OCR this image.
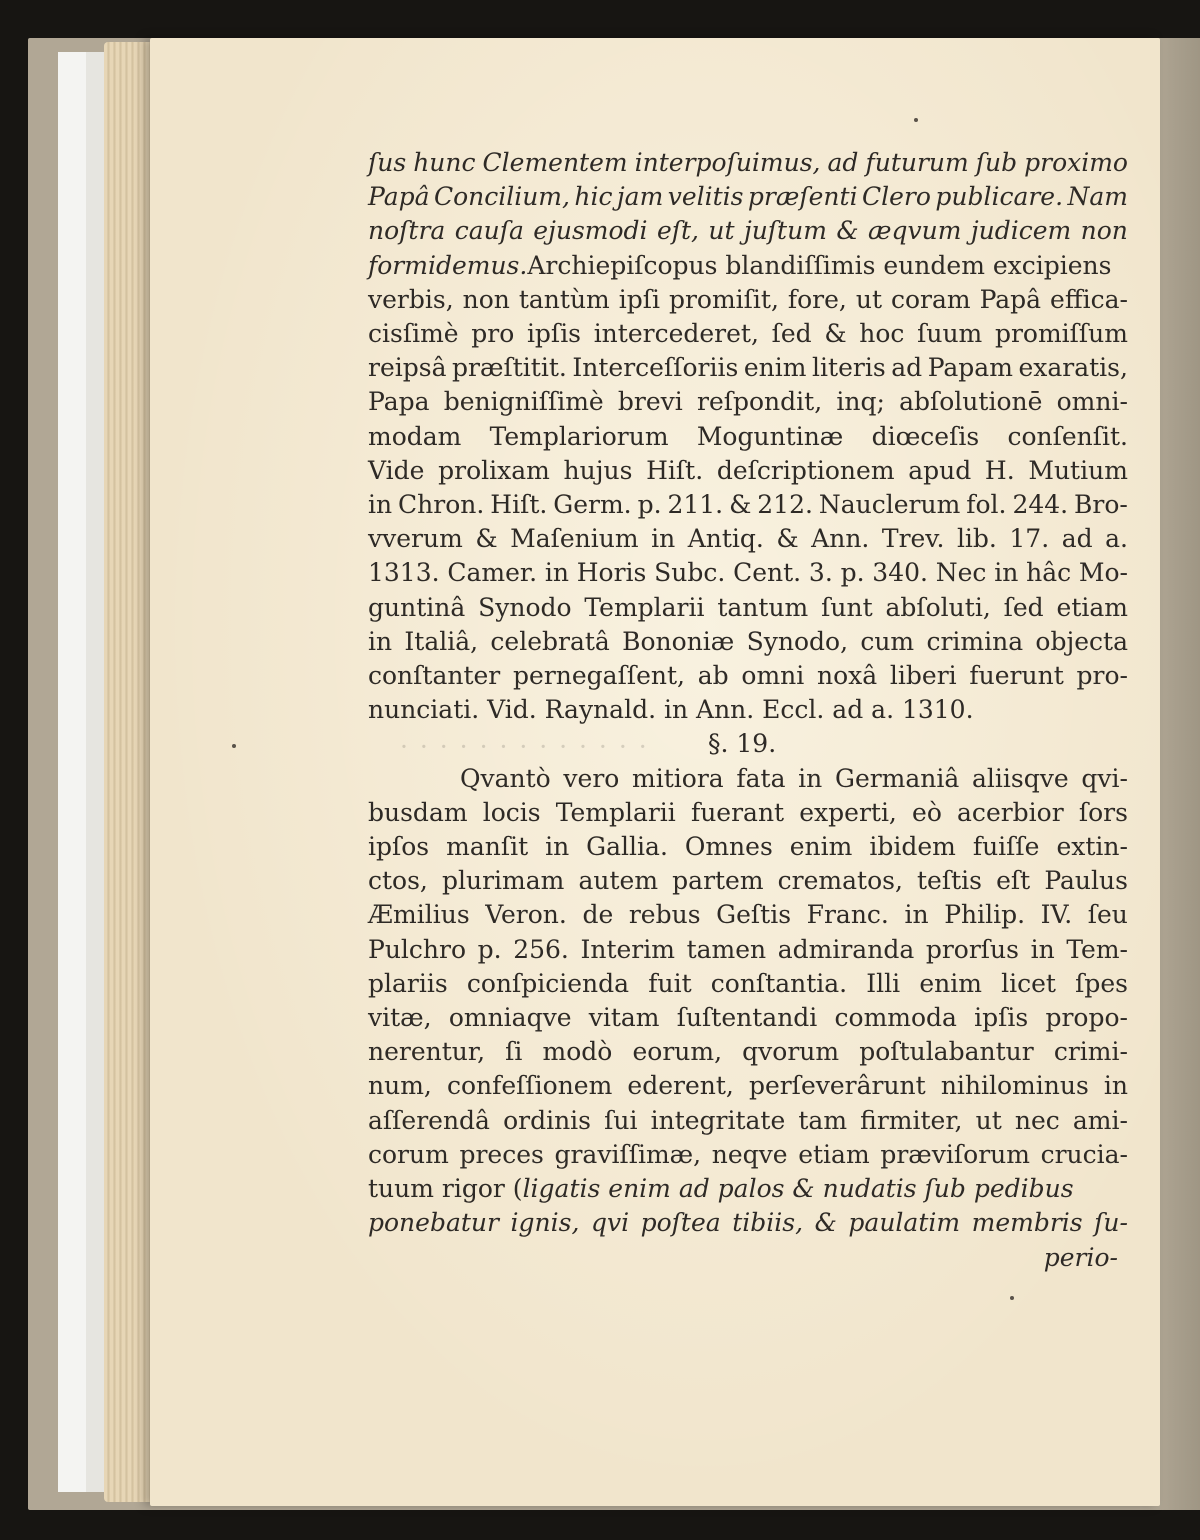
ſus hunc Clementem interpoſuimus, ad futurum ſub proximo
Papâ Concilium, hic jam velitis præſenti Clero publicare. Nam
noſtra cauſa ejusmodi eſt, ut juſtum & æqvum judicem non
formidemus. Archiepiſcopus blandiſſimis eundem excipiens
verbis, non tantùm ipſi promiſit, fore, ut coram Papâ effica-
cisſimè pro ipſis intercederet, ſed & hoc ſuum promiſſum
reipsâ præſtitit. Interceſſoriis enim literis ad Papam exaratis,
Papa benigniſſimè brevi reſpondit, inq; abſolutionē omni-
modam Templariorum Moguntinæ diœceſis conſenſit.
Vide prolixam hujus Hiſt. deſcriptionem apud H. Mutium
in Chron. Hiſt. Germ. p. 211. & 212. Nauclerum fol. 244. Bro-
vverum & Maſenium in Antiq. & Ann. Trev. lib. 17. ad a.
1313. Camer. in Horis Subc. Cent. 3. p. 340. Nec in hâc Mo-
guntinâ Synodo Templarii tantum ſunt abſoluti, ſed etiam
in Italiâ, celebratâ Bononiæ Synodo, cum crimina objecta
conſtanter pernegaſſent, ab omni noxâ liberi fuerunt pro-
nunciati. Vid. Raynald. in Ann. Eccl. ad a. 1310.
§. 19.
Qvantò vero mitiora fata in Germaniâ aliisqve qvi-
busdam locis Templarii fuerant experti, eò acerbior ſors
ipſos manſit in Gallia. Omnes enim ibidem fuiſſe extin-
ctos, plurimam autem partem crematos, teſtis eſt Paulus
Æmilius Veron. de rebus Geſtis Franc. in Philip. IV. ſeu
Pulchro p. 256. Interim tamen admiranda prorſus in Tem-
plariis conſpicienda fuit conſtantia. Illi enim licet ſpes
vitæ, omniaqve vitam ſuſtentandi commoda ipſis propo-
nerentur, ſi modò eorum, qvorum poſtulabantur crimi-
num, confeſſionem ederent, perſeverârunt nihilominus in
aſſerendâ ordinis ſui integritate tam firmiter, ut nec ami-
corum preces graviſſimæ, neqve etiam præviſorum crucia-
tuum rigor ( ligatis enim ad palos & nudatis ſub pedibus
ponebatur ignis, qvi poſtea tibiis, & paulatim membris ſu-
perio-
